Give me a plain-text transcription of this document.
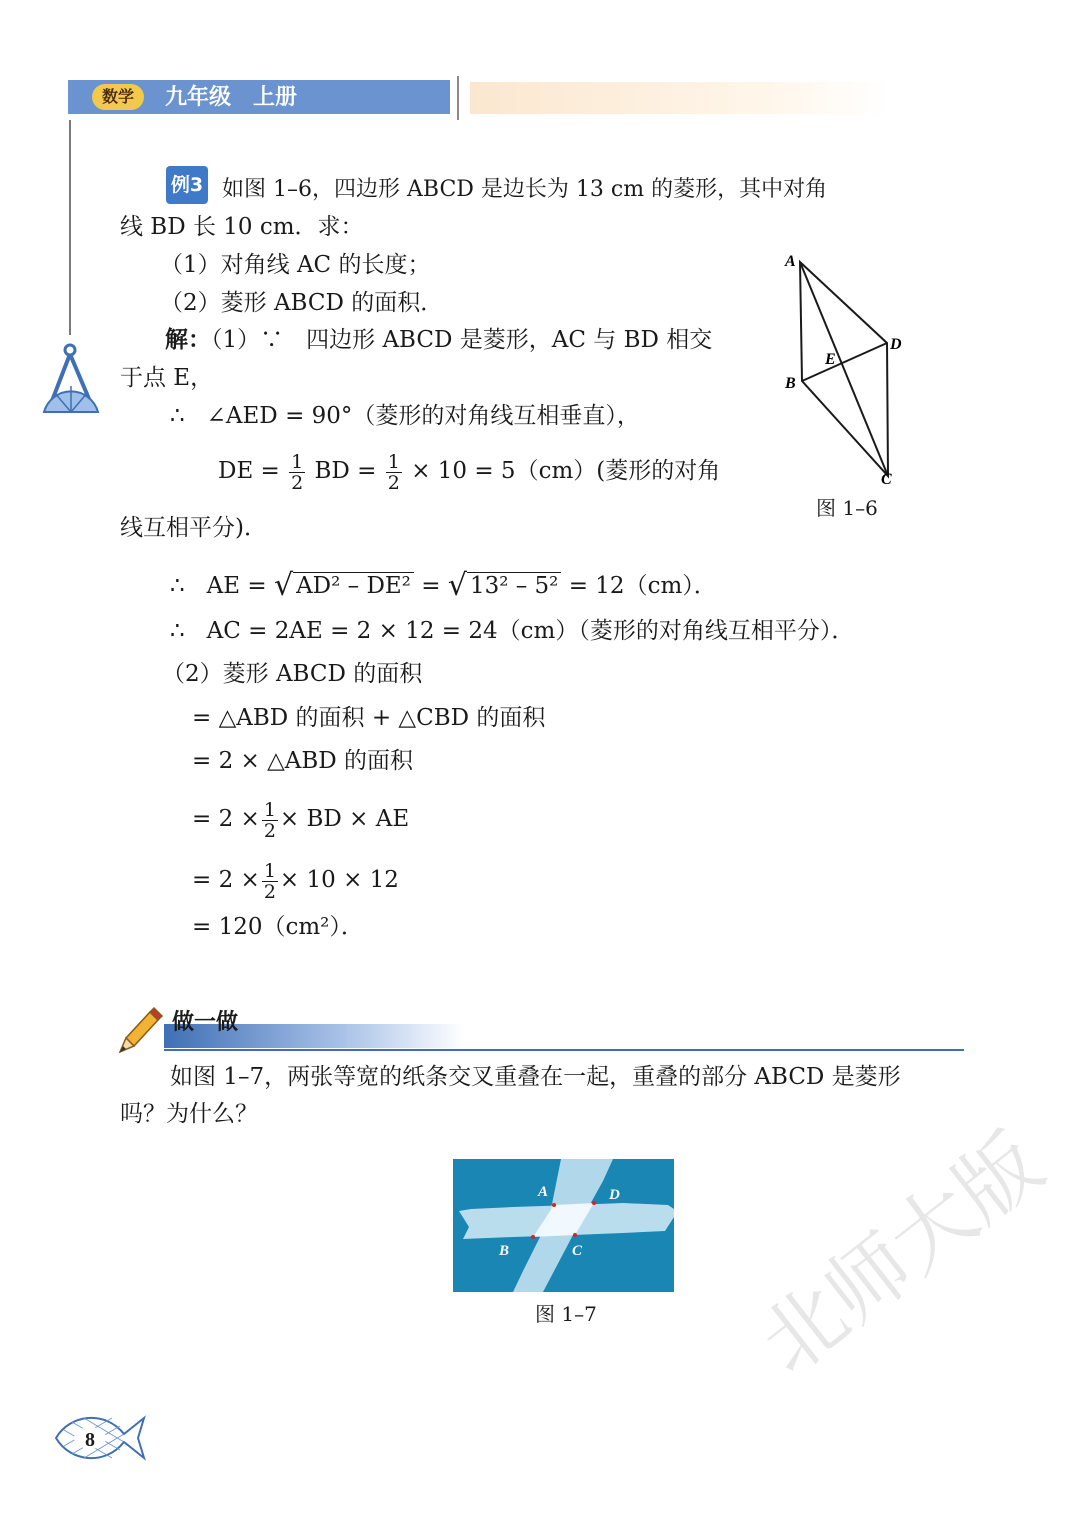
数学	九年级　上册
例3 如图 1–6，四边形 ABCD 是边长为 13 cm 的菱形，其中对角
线 BD 长 10 cm．求：
（1）对角线 AC 的长度；
（2）菱形 ABCD 的面积．
解：（1）∵　四边形 ABCD 是菱形，AC 与 BD 相交
于点 E，
∴ ∠AED = 90°（菱形的对角线互相垂直），
DE = $\frac{1}{2}$ BD = $\frac{1}{2} \times 10 = 5(cm)$(菱形的对角
线互相平分)．
∴ AE = √ AD² – DE² = √ 13² – 5² = 12（cm）．
∴ AC = 2AE = 2 × 12 = 24（cm）（菱形的对角线互相平分）．
（2）菱形 ABCD 的面积
= △ABD 的面积 + △CBD 的面积
= 2 × △ABD 的面积
= $2 \times \frac{1}{2}$ × BD × AE
= $2 \times \frac{1}{2} \times 10 \times 12$
= 120（cm²）．
A
D
E
B
C
图 1–6
做一做
如图 1–7，两张等宽的纸条交叉重叠在一起，重叠的部分 ABCD 是菱形
吗？为什么？
A	D
B	C
图 1–7
8
北师大版
